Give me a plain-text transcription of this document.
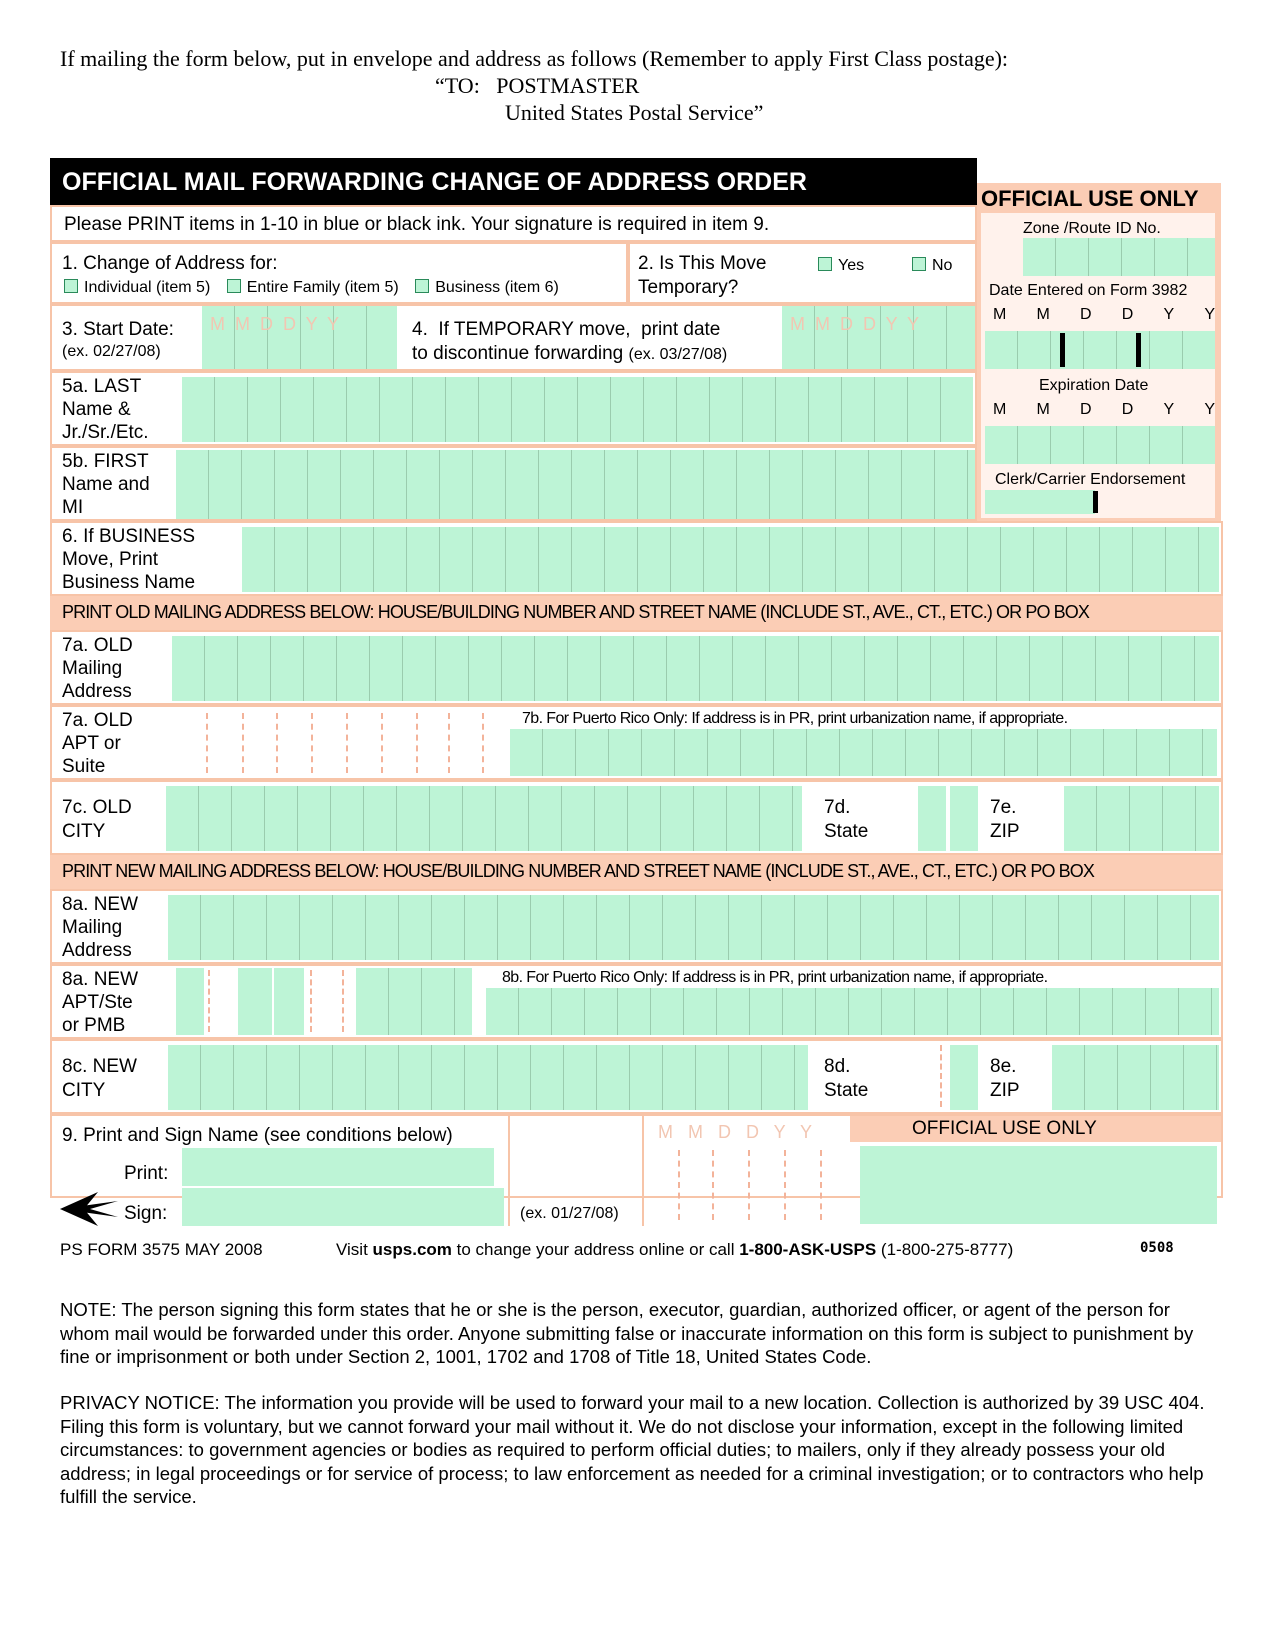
If mailing the form below, put in envelope and address as follows (Remember to apply First Class postage):
“TO:   POSTMASTER
United States Postal Service”
OFFICIAL MAIL FORWARDING CHANGE OF ADDRESS ORDER
Please PRINT items in 1-10 in blue or black ink. Your signature is required in item 9.
OFFICIAL USE ONLY
Zone /Route ID No.
Date Entered on Form 3982
M M D D Y Y
Expiration Date
M M D D Y Y
Clerk/Carrier Endorsement
1. Change of Address for:
Individual (item 5) Entire Family (item 5) Business (item 6)
2. Is This Move
Temporary?
Yes	No
3. Start Date:
(ex. 02/27/08)
M  M  D  D  Y  Y	4.  If TEMPORARY move,  print date
to discontinue forwarding (ex. 03/27/08)
M  M  D  D  Y  Y
5a. LAST
Name &
Jr./Sr./Etc.
5b. FIRST
Name and
MI
6. If BUSINESS
Move, Print
Business Name
PRINT OLD MAILING ADDRESS BELOW: HOUSE/BUILDING NUMBER AND STREET NAME (INCLUDE ST., AVE., CT., ETC.) OR PO BOX
7a. OLD
Mailing
Address
7a. OLD
APT or
Suite
7b. For Puerto Rico Only: If address is in PR, print urbanization name, if appropriate.
7c. OLD
CITY
7d.
State
7e.
ZIP
PRINT NEW MAILING ADDRESS BELOW: HOUSE/BUILDING NUMBER AND STREET NAME (INCLUDE ST., AVE., CT., ETC.) OR PO BOX
8a. NEW
Mailing
Address
8a. NEW
APT/Ste
or PMB
8b. For Puerto Rico Only: If address is in PR, print urbanization name, if appropriate.
8c. NEW
CITY
8d.
State
8e.
ZIP
9. Print and Sign Name (see conditions below)
Print:
Sign:	(ex. 01/27/08)
M   M   D   D   Y   Y	OFFICIAL USE ONLY
PS FORM 3575 MAY 2008	Visit usps.com to change your address online or call 1-800-ASK-USPS (1-800-275-8777)	0508
NOTE: The person signing this form states that he or she is the person, executor, guardian, authorized officer, or agent of the person for whom mail would be forwarded under this order. Anyone submitting false or inaccurate information on this form is subject to punishment by fine or imprisonment or both under Section 2, 1001, 1702 and 1708 of Title 18, United States Code.
PRIVACY NOTICE: The information you provide will be used to forward your mail to a new location. Collection is authorized by 39 USC 404. Filing this form is voluntary, but we cannot forward your mail without it. We do not disclose your information, except in the following limited circumstances: to government agencies or bodies as required to perform official duties; to mailers, only if they already possess your old address; in legal proceedings or for service of process; to law enforcement as needed for a criminal investigation; or to contractors who help fulfill the service.
